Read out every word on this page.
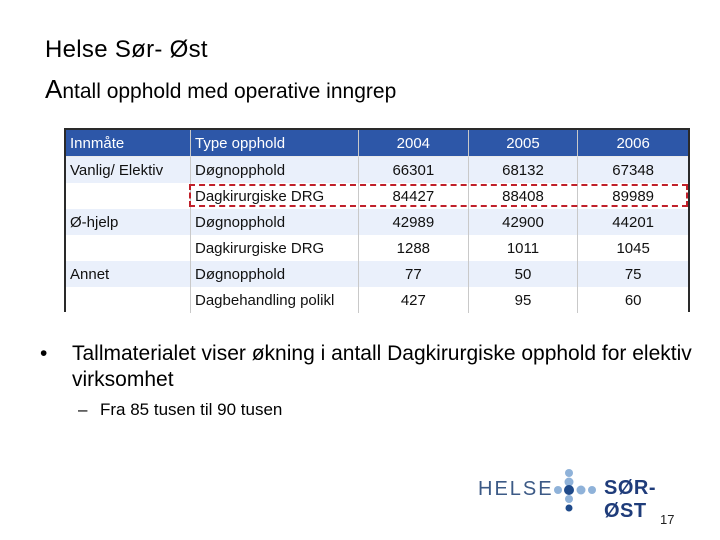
Helse Sør- Øst
Antall opphold med operative inngrep
Innmåte	Type opphold	2004	2005	2006
Vanlig/ Elektiv	Døgnopphold	66301	68132	67348
	Dagkirurgiske DRG	84427	88408	89989
Ø-hjelp	Døgnopphold	42989	42900	44201
	Dagkirurgiske DRG	1288	1011	1045
Annet	Døgnopphold	77	50	75
	Dagbehandling polikl	427	95	60
•	Tallmaterialet viser økning i antall Dagkirurgiske opphold for elektiv virksomhet
– Fra 85 tusen til 90 tusen
HELSE	SØR-ØST	17
